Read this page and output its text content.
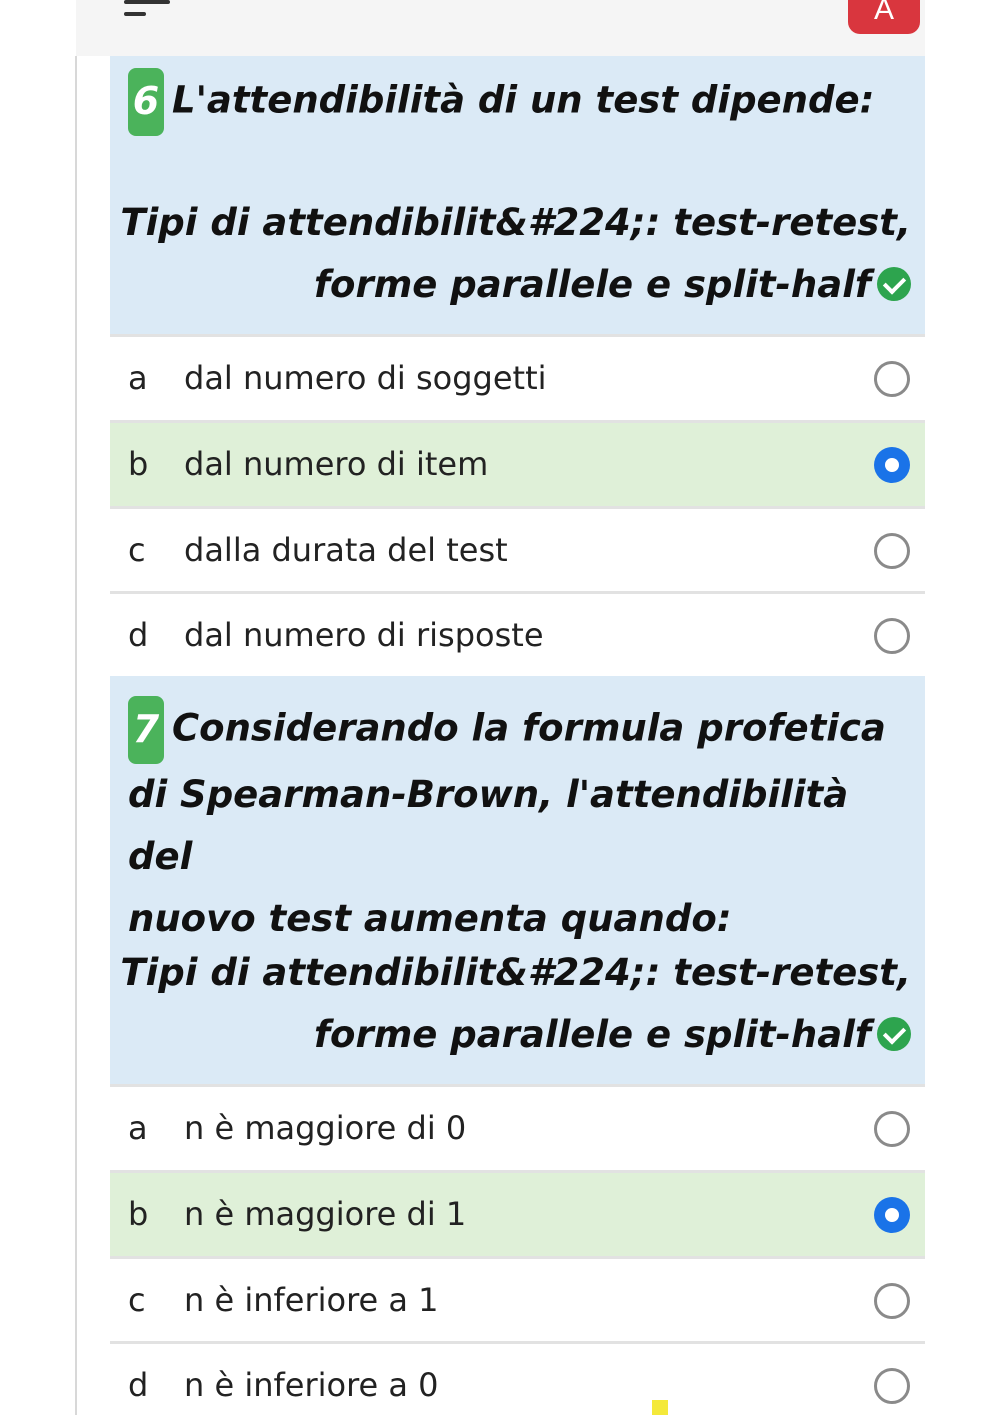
A
6 L'attendibilità di un test dipende:
Tipi di attendibilit&#224;: test-retest,
forme parallele e split-half
a dal numero di soggetti
b dal numero di item
c dalla durata del test
d dal numero di risposte
7 Considerando la formula profetica
di Spearman-Brown, l'attendibilità del
nuovo test aumenta quando:
Tipi di attendibilit&#224;: test-retest,
forme parallele e split-half
a n è maggiore di 0
b n è maggiore di 1
c n è inferiore a 1
d n è inferiore a 0
